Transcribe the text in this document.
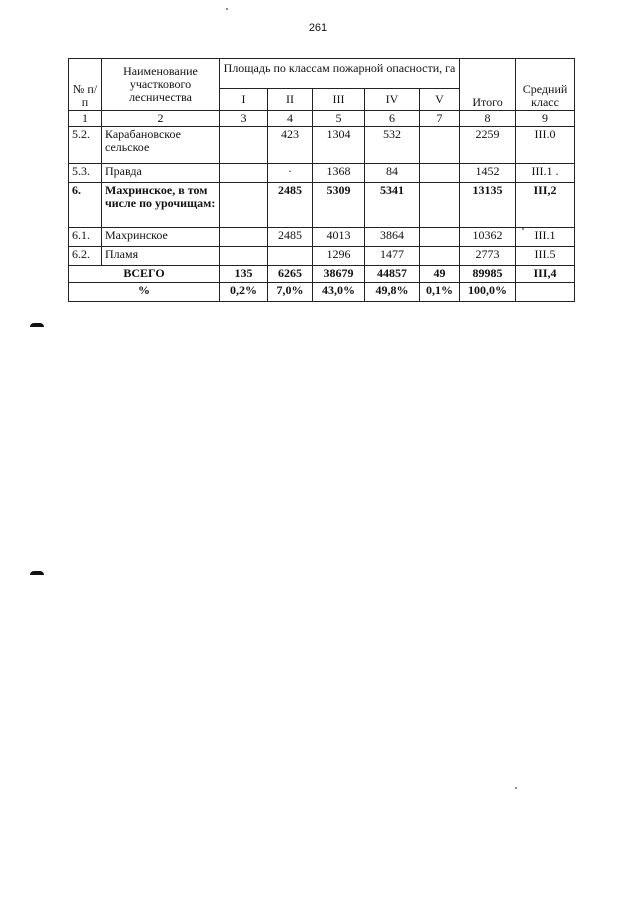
261
№ п/п	Наименование участкового лесничества	Площадь по классам пожарной опасности, га					Итого	Средний класс
		I	II	III	IV	V		
1	2	3	4	5	6	7	8	9
5.2.	Карабановское сельское		423	1304	532		2259	III.0
5.3.	Правда		·	1368	84		1452	III.1 .
6.	Махринское, в том числе по урочищам:		2485	5309	5341		13135	III,2
6.1.	Махринское		2485	4013	3864		10362	III.1
6.2.	Пламя			1296	1477		2773	III.5
ВСЕГО		135	6265	38679	44857	49	89985	III,4
%		0,2%	7,0%	43,0%	49,8%	0,1%	100,0%	
